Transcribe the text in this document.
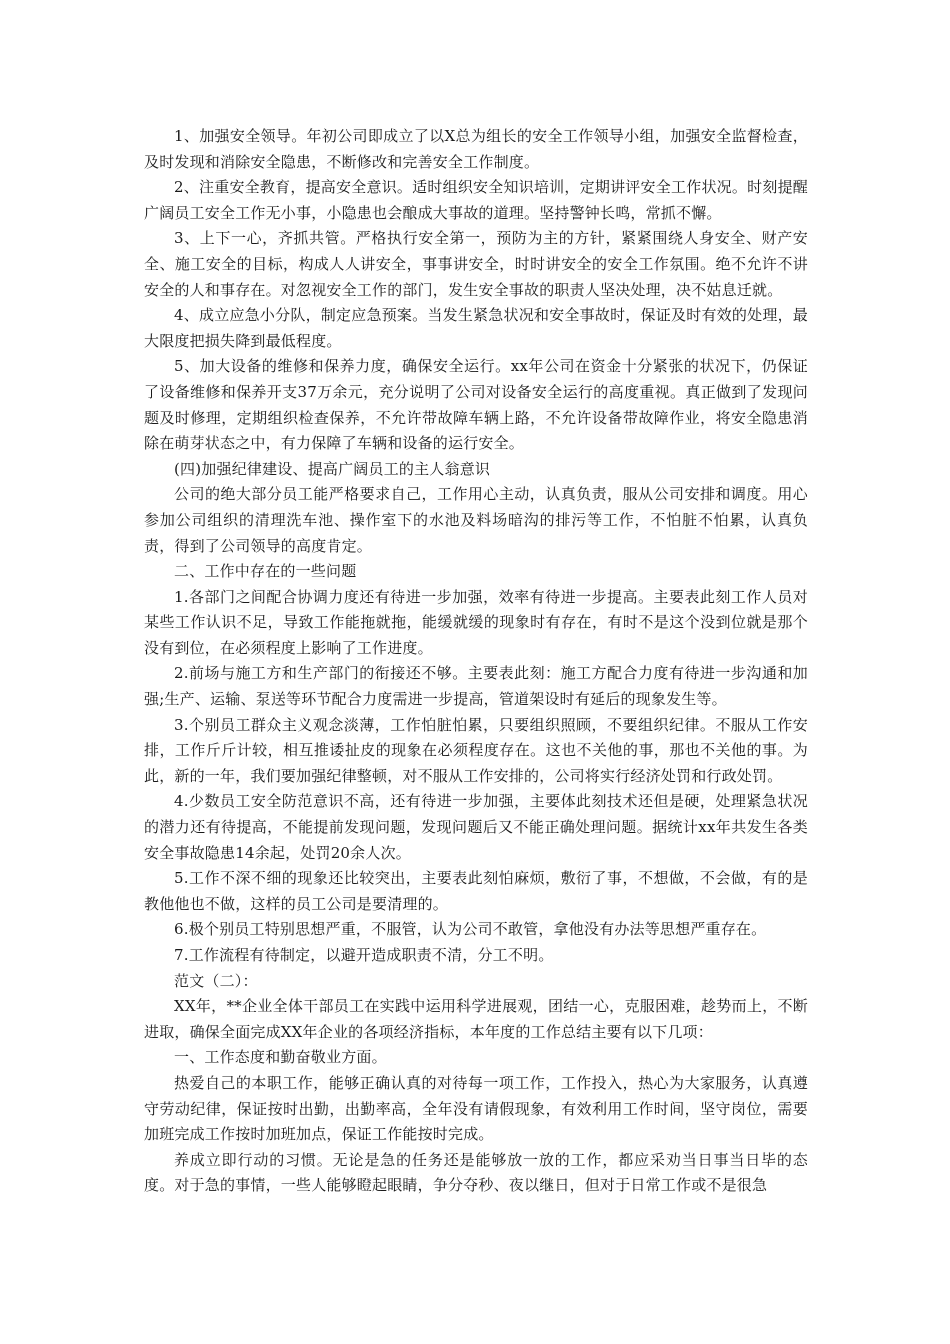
1、加强安全领导。年初公司即成立了以X总为组长的安全工作领导小组，加强安全监督检查，及时发现和消除安全隐患，不断修改和完善安全工作制度。

2、注重安全教育，提高安全意识。适时组织安全知识培训，定期讲评安全工作状况。时刻提醒广阔员工安全工作无小事，小隐患也会酿成大事故的道理。坚持警钟长鸣，常抓不懈。

3、上下一心，齐抓共管。严格执行安全第一，预防为主的方针，紧紧围绕人身安全、财产安全、施工安全的目标，构成人人讲安全，事事讲安全，时时讲安全的安全工作氛围。绝不允许不讲安全的人和事存在。对忽视安全工作的部门，发生安全事故的职责人坚决处理，决不姑息迁就。

4、成立应急小分队，制定应急预案。当发生紧急状况和安全事故时，保证及时有效的处理，最大限度把损失降到最低程度。

5、加大设备的维修和保养力度，确保安全运行。xx年公司在资金十分紧张的状况下，仍保证了设备维修和保养开支37万余元，充分说明了公司对设备安全运行的高度重视。真正做到了发现问题及时修理，定期组织检查保养，不允许带故障车辆上路，不允许设备带故障作业，将安全隐患消除在萌芽状态之中，有力保障了车辆和设备的运行安全。

(四)加强纪律建设、提高广阔员工的主人翁意识

公司的绝大部分员工能严格要求自己，工作用心主动，认真负责，服从公司安排和调度。用心参加公司组织的清理洗车池、操作室下的水池及料场暗沟的排污等工作，不怕脏不怕累，认真负责，得到了公司领导的高度肯定。

二、工作中存在的一些问题

1.各部门之间配合协调力度还有待进一步加强，效率有待进一步提高。主要表此刻工作人员对某些工作认识不足，导致工作能拖就拖，能缓就缓的现象时有存在，有时不是这个没到位就是那个没有到位，在必须程度上影响了工作进度。

2.前场与施工方和生产部门的衔接还不够。主要表此刻：施工方配合力度有待进一步沟通和加强;生产、运输、泵送等环节配合力度需进一步提高，管道架设时有延后的现象发生等。

3.个别员工群众主义观念淡薄，工作怕脏怕累，只要组织照顾，不要组织纪律。不服从工作安排，工作斤斤计较，相互推诿扯皮的现象在必须程度存在。这也不关他的事，那也不关他的事。为此，新的一年，我们要加强纪律整顿，对不服从工作安排的，公司将实行经济处罚和行政处罚。

4.少数员工安全防范意识不高，还有待进一步加强，主要体此刻技术还但是硬，处理紧急状况的潜力还有待提高，不能提前发现问题，发现问题后又不能正确处理问题。据统计xx年共发生各类安全事故隐患14余起，处罚20余人次。

5.工作不深不细的现象还比较突出，主要表此刻怕麻烦，敷衍了事，不想做，不会做，有的是教他他也不做，这样的员工公司是要清理的。

6.极个别员工特别思想严重，不服管，认为公司不敢管，拿他没有办法等思想严重存在。

7.工作流程有待制定，以避开造成职责不清，分工不明。

范文（二）：

XX年，**企业全体干部员工在实践中运用科学进展观，团结一心，克服困难，趁势而上，不断进取，确保全面完成XX年企业的各项经济指标，本年度的工作总结主要有以下几项：

一、工作态度和勤奋敬业方面。

热爱自己的本职工作，能够正确认真的对待每一项工作，工作投入，热心为大家服务，认真遵守劳动纪律，保证按时出勤，出勤率高，全年没有请假现象，有效利用工作时间，坚守岗位，需要加班完成工作按时加班加点，保证工作能按时完成。

养成立即行动的习惯。无论是急的任务还是能够放一放的工作，都应采劝当日事当日毕的态度。对于急的事情，一些人能够瞪起眼睛，争分夺秒、夜以继日，但对于日常工作或不是很急
